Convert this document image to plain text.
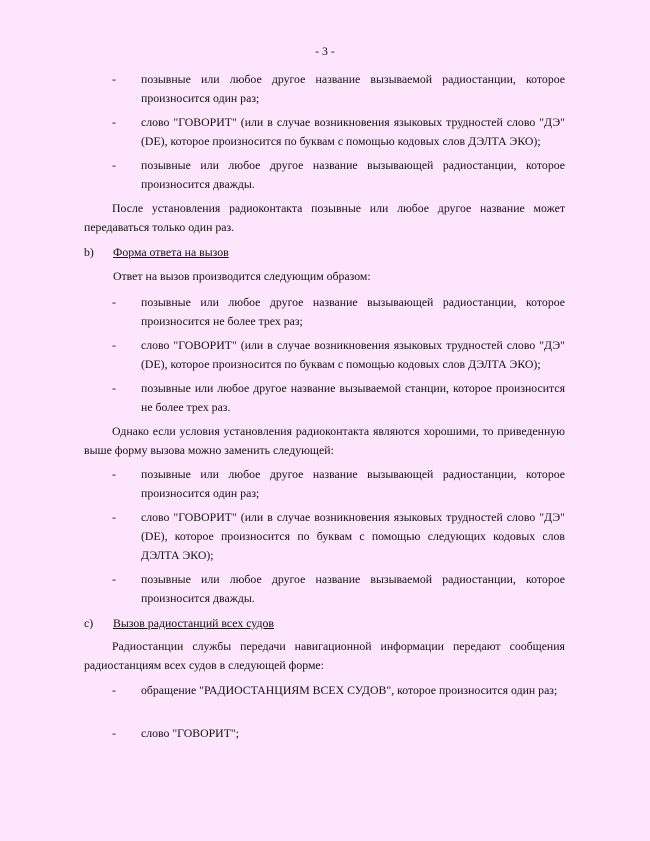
- 3 -
-	позывные или любое другое название вызываемой радиостанции, которое произносится один раз;
-	слово "ГОВОРИТ" (или в случае возникновения языковых трудностей слово "ДЭ" (DE), которое произносится по буквам с помощью кодовых слов ДЭЛТА ЭКО);
-	позывные или любое другое название вызывающей радиостанции, которое произносится дважды.
После установления радиоконтакта позывные или любое другое название может передаваться только один раз.
b) Форма ответа на вызов
Ответ на вызов производится следующим образом:
-	позывные или любое другое название вызывающей радиостанции, которое произносится не более трех раз;
-	слово "ГОВОРИТ" (или в случае возникновения языковых трудностей слово "ДЭ" (DE), которое произносится по буквам с помощью кодовых слов ДЭЛТА ЭКО);
-	позывные или любое другое название вызываемой станции, которое произносится не более трех раз.
Однако если условия установления радиоконтакта являются хорошими, то приведенную выше форму вызова можно заменить следующей:
-	позывные или любое другое название вызывающей радиостанции, которое произносится один раз;
-	слово "ГОВОРИТ" (или в случае возникновения языковых трудностей слово "ДЭ" (DE), которое произносится по буквам с помощью следующих кодовых слов ДЭЛТА ЭКО);
-	позывные или любое другое название вызываемой радиостанции, которое произносится дважды.
c) Вызов радиостанций всех судов
Радиостанции службы передачи навигационной информации передают сообщения радиостанциям всех судов в следующей форме:
-	обращение "РАДИОСТАНЦИЯМ ВСЕХ СУДОВ", которое произносится один раз;
-	слово "ГОВОРИТ";
